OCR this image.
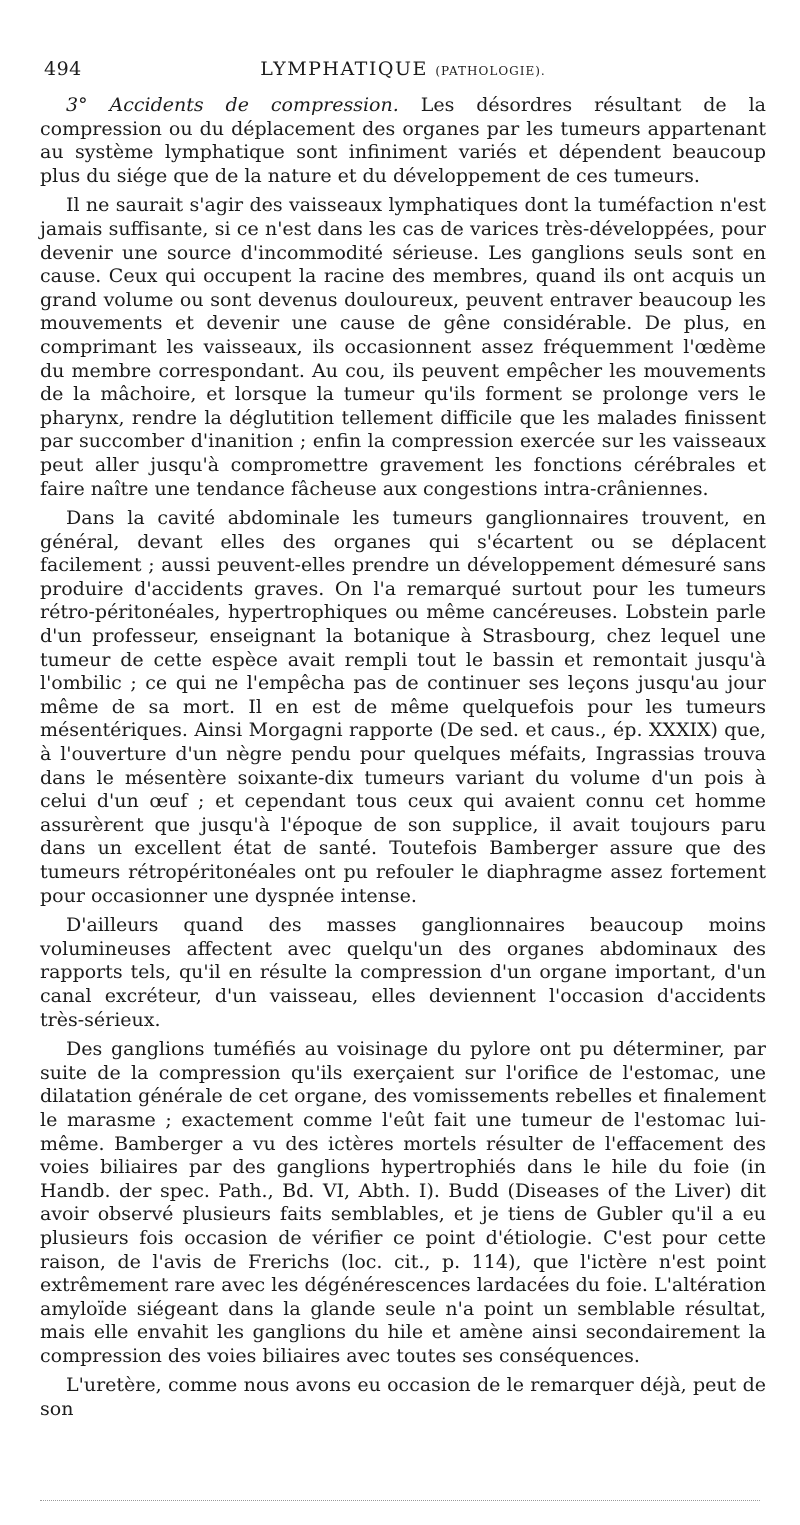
494	LYMPHATIQUE (PATHOLOGIE).

3° Accidents de compression. Les désordres résultant de la compression ou du déplacement des organes par les tumeurs appartenant au système lymphatique sont infiniment variés et dépendent beaucoup plus du siége que de la nature et du développement de ces tumeurs.

Il ne saurait s'agir des vaisseaux lymphatiques dont la tuméfaction n'est jamais suffisante, si ce n'est dans les cas de varices très-développées, pour devenir une source d'incommodité sérieuse. Les ganglions seuls sont en cause. Ceux qui occupent la racine des membres, quand ils ont acquis un grand volume ou sont devenus douloureux, peuvent entraver beaucoup les mouvements et devenir une cause de gêne considérable. De plus, en comprimant les vaisseaux, ils occasionnent assez fréquemment l'œdème du membre correspondant. Au cou, ils peuvent empêcher les mouvements de la mâchoire, et lorsque la tumeur qu'ils forment se prolonge vers le pharynx, rendre la déglutition tellement difficile que les malades finissent par succomber d'inanition ; enfin la compression exercée sur les vaisseaux peut aller jusqu'à compromettre gravement les fonctions cérébrales et faire naître une tendance fâcheuse aux congestions intra-crâniennes.

Dans la cavité abdominale les tumeurs ganglionnaires trouvent, en général, devant elles des organes qui s'écartent ou se déplacent facilement ; aussi peuvent-elles prendre un développement démesuré sans produire d'accidents graves. On l'a remarqué surtout pour les tumeurs rétro-péritonéales, hypertrophiques ou même cancéreuses. Lobstein parle d'un professeur, enseignant la botanique à Strasbourg, chez lequel une tumeur de cette espèce avait rempli tout le bassin et remontait jusqu'à l'ombilic ; ce qui ne l'empêcha pas de continuer ses leçons jusqu'au jour même de sa mort. Il en est de même quelquefois pour les tumeurs mésentériques. Ainsi Morgagni rapporte (De sed. et caus., ép. XXXIX) que, à l'ouverture d'un nègre pendu pour quelques méfaits, Ingrassias trouva dans le mésentère soixante-dix tumeurs variant du volume d'un pois à celui d'un œuf ; et cependant tous ceux qui avaient connu cet homme assurèrent que jusqu'à l'époque de son supplice, il avait toujours paru dans un excellent état de santé. Toutefois Bamberger assure que des tumeurs rétropéritonéales ont pu refouler le diaphragme assez fortement pour occasionner une dyspnée intense.

D'ailleurs quand des masses ganglionnaires beaucoup moins volumineuses affectent avec quelqu'un des organes abdominaux des rapports tels, qu'il en résulte la compression d'un organe important, d'un canal excréteur, d'un vaisseau, elles deviennent l'occasion d'accidents très-sérieux.

Des ganglions tuméfiés au voisinage du pylore ont pu déterminer, par suite de la compression qu'ils exerçaient sur l'orifice de l'estomac, une dilatation générale de cet organe, des vomissements rebelles et finalement le marasme ; exactement comme l'eût fait une tumeur de l'estomac lui-même. Bamberger a vu des ictères mortels résulter de l'effacement des voies biliaires par des ganglions hypertrophiés dans le hile du foie (in Handb. der spec. Path., Bd. VI, Abth. I). Budd (Diseases of the Liver) dit avoir observé plusieurs faits semblables, et je tiens de Gubler qu'il a eu plusieurs fois occasion de vérifier ce point d'étiologie. C'est pour cette raison, de l'avis de Frerichs (loc. cit., p. 114), que l'ictère n'est point extrêmement rare avec les dégénérescences lardacées du foie. L'altération amyloïde siégeant dans la glande seule n'a point un semblable résultat, mais elle envahit les ganglions du hile et amène ainsi secondairement la compression des voies biliaires avec toutes ses conséquences.

L'uretère, comme nous avons eu occasion de le remarquer déjà, peut de son
